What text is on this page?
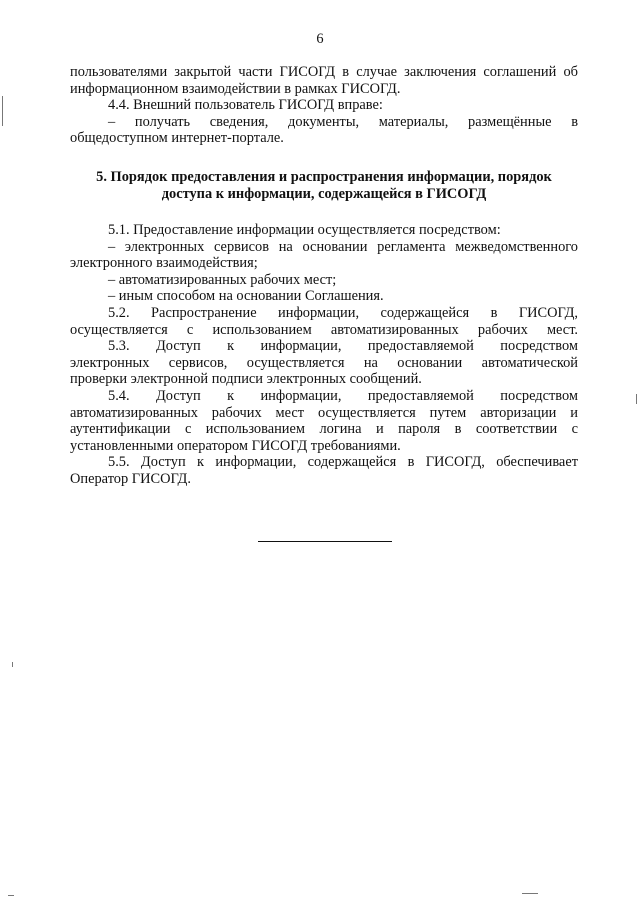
6
пользователями закрытой части ГИСОГД в случае заключения соглашений об
информационном взаимодействии в рамках ГИСОГД.
4.4. Внешний пользователь ГИСОГД вправе:
– получать сведения, документы, материалы, размещённые в
общедоступном интернет-портале.
5. Порядок предоставления и распространения информации, порядок
доступа к информации, содержащейся в ГИСОГД
5.1. Предоставление информации осуществляется посредством:
– электронных сервисов на основании регламента межведомственного
электронного взаимодействия;
– автоматизированных рабочих мест;
– иным способом на основании Соглашения.
5.2. Распространение информации, содержащейся в ГИСОГД,
осуществляется с использованием автоматизированных рабочих мест.
5.3. Доступ к информации, предоставляемой посредством
электронных сервисов, осуществляется на основании автоматической
проверки электронной подписи электронных сообщений.
5.4. Доступ к информации, предоставляемой посредством
автоматизированных рабочих мест осуществляется путем авторизации и
аутентификации с использованием логина и пароля в соответствии с
установленными оператором ГИСОГД требованиями.
5.5. Доступ к информации, содержащейся в ГИСОГД, обеспечивает
Оператор ГИСОГД.
